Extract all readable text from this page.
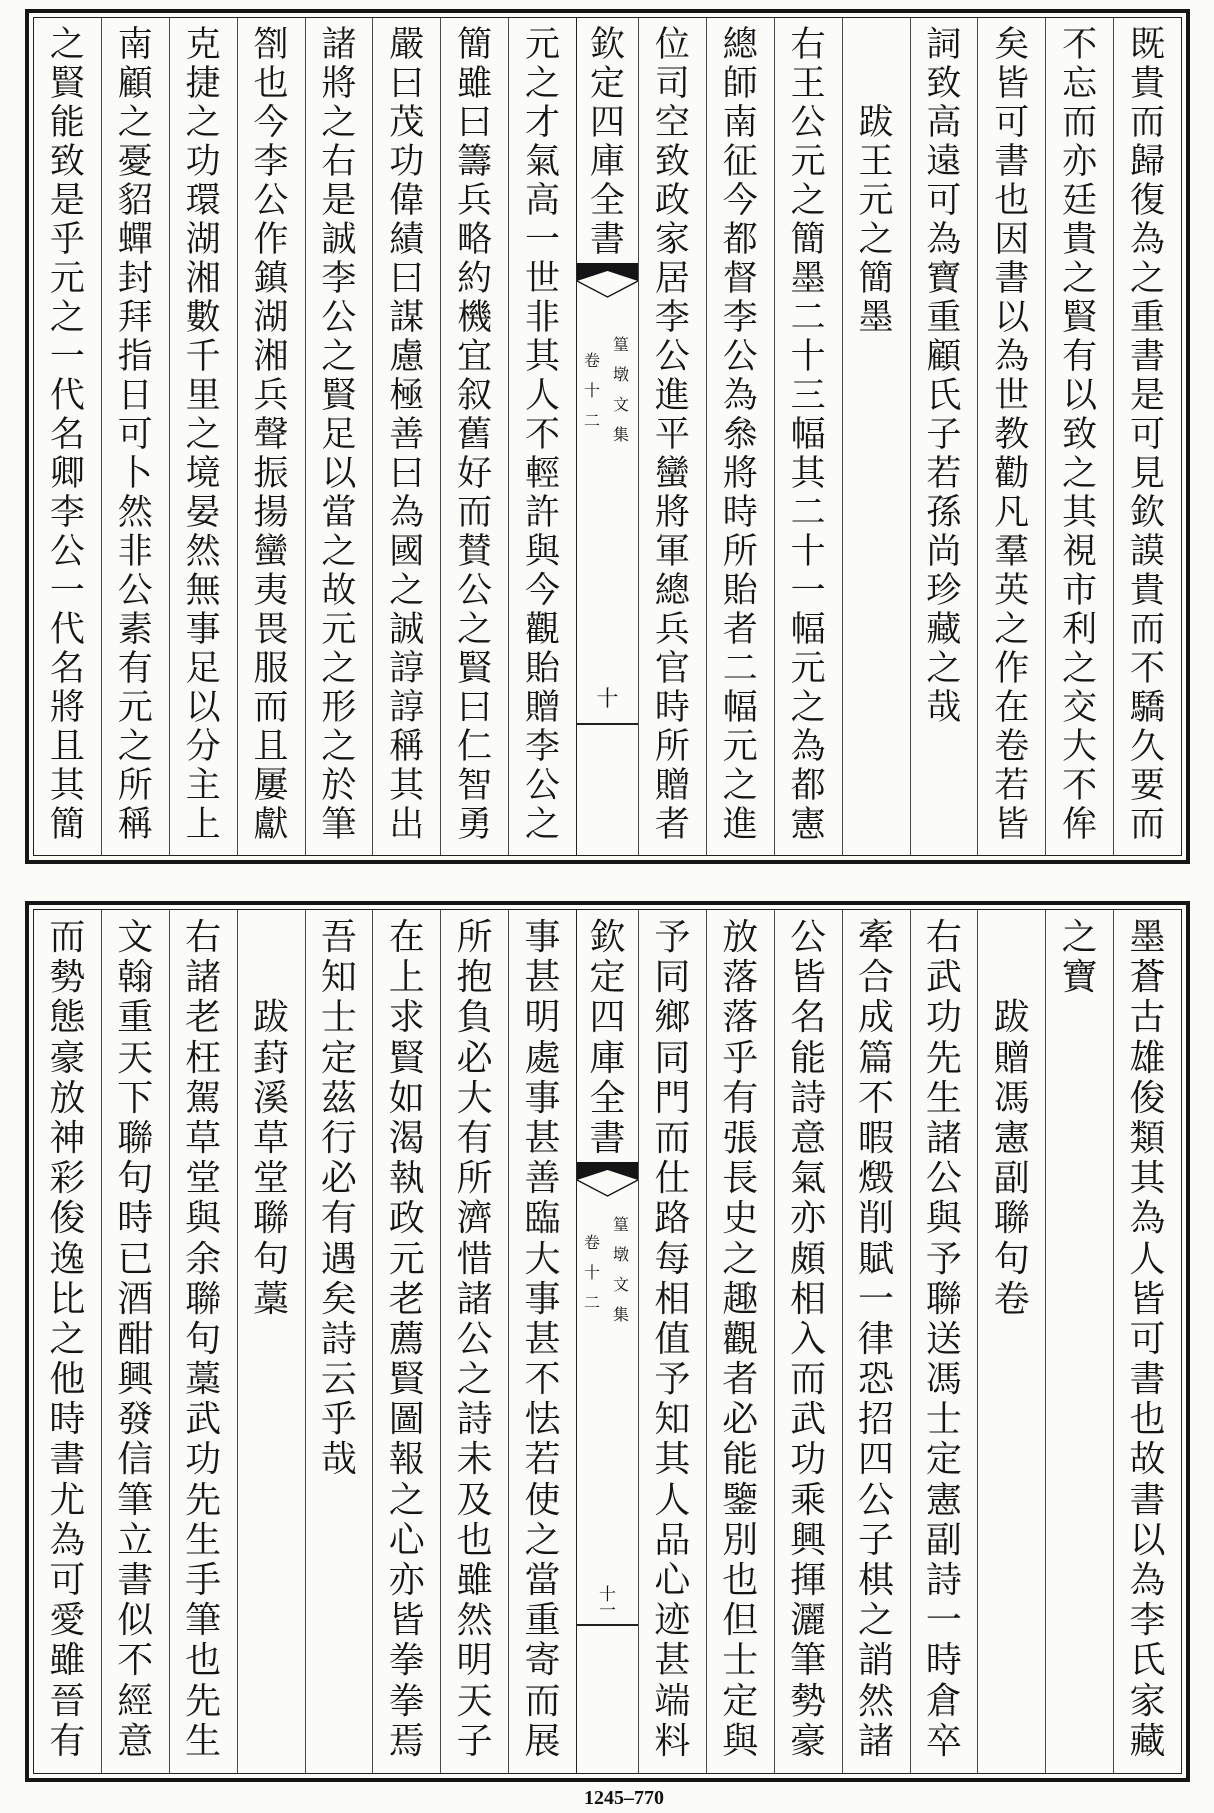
既
貴
而
歸
復
為
之
重
書
是
可
見
欽
謨
貴
而
不
驕
久
要
而
不
忘
而
亦
廷
貴
之
賢
有
以
致
之
其
視
市
利
之
交
大
不
侔
矣
皆
可
書
也
因
書
以
為
世
教
勸
凡
羣
英
之
作
在
卷
若
皆
詞
致
高
遠
可
為
寶
重
顧
氏
子
若
孫
尚
珍
藏
之
哉
跋
王
元
之
簡
墨
右
王
公
元
之
簡
墨
二
十
三
幅
其
二
十
一
幅
元
之
為
都
憲
總
師
南
征
今
都
督
李
公
為
叅
將
時
所
貽
者
二
幅
元
之
進
位
司
空
致
政
家
居
李
公
進
平
蠻
將
軍
總
兵
官
時
所
贈
者
欽
定
四
庫
全
書
篁
墩
文
集
卷
十
二
十
元
之
才
氣
高
一
世
非
其
人
不
輕
許
與
今
觀
貽
贈
李
公
之
簡
雖
曰
籌
兵
略
約
機
宜
叙
舊
好
而
賛
公
之
賢
曰
仁
智
勇
嚴
曰
茂
功
偉
績
曰
謀
慮
極
善
曰
為
國
之
誠
諄
諄
稱
其
出
諸
將
之
右
是
誠
李
公
之
賢
足
以
當
之
故
元
之
形
之
於
筆
劄
也
今
李
公
作
鎮
湖
湘
兵
聲
振
揚
蠻
夷
畏
服
而
且
屢
獻
克
捷
之
功
環
湖
湘
數
千
里
之
境
晏
然
無
事
足
以
分
主
上
南
顧
之
憂
貂
蟬
封
拜
指
日
可
卜
然
非
公
素
有
元
之
所
稱
之
賢
能
致
是
乎
元
之
一
代
名
卿
李
公
一
代
名
將
且
其
簡
墨
蒼
古
雄
俊
類
其
為
人
皆
可
書
也
故
書
以
為
李
氏
家
藏
之
寶
跋
贈
馮
憲
副
聯
句
卷
右
武
功
先
生
諸
公
與
予
聯
送
馮
士
定
憲
副
詩
一
時
倉
卒
牽
合
成
篇
不
暇
燬
削
賦
一
律
恐
招
四
公
子
棋
之
誚
然
諸
公
皆
名
能
詩
意
氣
亦
頗
相
入
而
武
功
乘
興
揮
灑
筆
勢
豪
放
落
落
乎
有
張
長
史
之
趣
觀
者
必
能
鑒
別
也
但
士
定
與
予
同
鄉
同
門
而
仕
路
每
相
值
予
知
其
人
品
心
迹
甚
端
料
欽
定
四
庫
全
書
篁
墩
文
集
卷
十
二
十
一
事
甚
明
處
事
甚
善
臨
大
事
甚
不
怯
若
使
之
當
重
寄
而
展
所
抱
負
必
大
有
所
濟
惜
諸
公
之
詩
未
及
也
雖
然
明
天
子
在
上
求
賢
如
渴
執
政
元
老
薦
賢
圖
報
之
心
亦
皆
拳
拳
焉
吾
知
士
定
茲
行
必
有
遇
矣
詩
云
乎
哉
跋
葑
溪
草
堂
聯
句
藁
右
諸
老
枉
駕
草
堂
與
余
聯
句
藁
武
功
先
生
手
筆
也
先
生
文
翰
重
天
下
聯
句
時
已
酒
酣
興
發
信
筆
立
書
似
不
經
意
而
勢
態
豪
放
神
彩
俊
逸
比
之
他
時
書
尤
為
可
愛
雖
晉
有
1245–770
